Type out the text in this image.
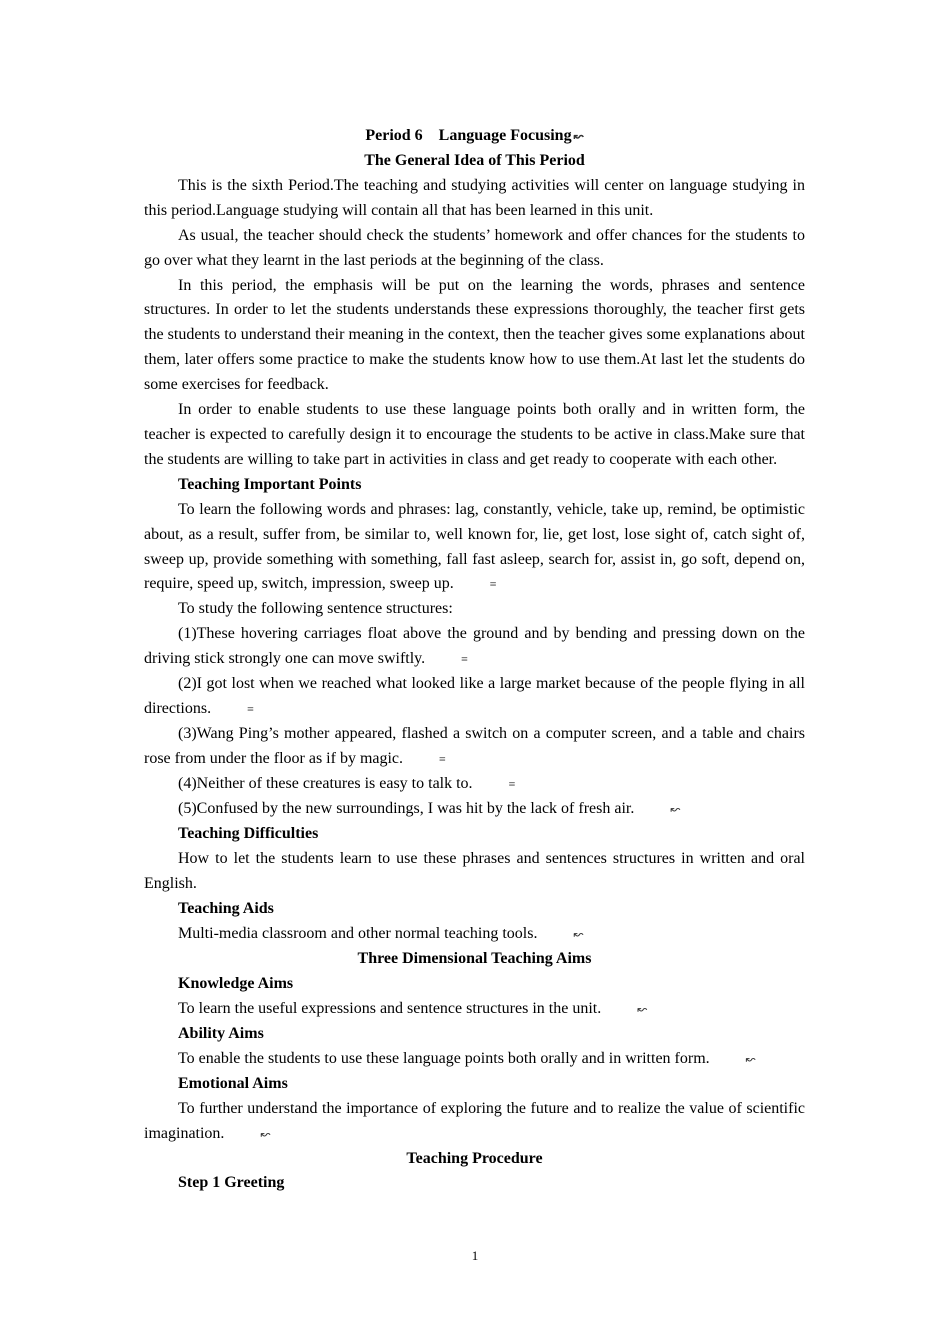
Period 6　Language Focusing ↜

The General Idea of This Period

This is the sixth Period.The teaching and studying activities will center on language studying in this period.Language studying will contain all that has been learned in this unit.

As usual, the teacher should check the students’ homework and offer chances for the students to go over what they learnt in the last periods at the beginning of the class.

In this period, the emphasis will be put on the learning the words, phrases and sentence structures. In order to let the students understands these expressions thoroughly, the teacher first gets the students to understand their meaning in the context, then the teacher gives some explanations about them, later offers some practice to make the students know how to use them.At last let the students do some exercises for feedback.

In order to enable students to use these language points both orally and in written form, the teacher is expected to carefully design it to encourage the students to be active in class.Make sure that the students are willing to take part in activities in class and get ready to cooperate with each other.

Teaching Important Points

To learn the following words and phrases: lag, constantly, vehicle, take up, remind, be optimistic about, as a result, suffer from, be similar to, well known for, lie, get lost, lose sight of, catch sight of, sweep up, provide something with something, fall fast asleep, search for, assist in, go soft, depend on, require, speed up, switch, impression, sweep up.	≡

To study the following sentence structures:

(1)These hovering carriages float above the ground and by bending and pressing down on the driving stick strongly one can move swiftly.	≡

(2)I got lost when we reached what looked like a large market because of the people flying in all directions.	≡

(3)Wang Ping’s mother appeared, flashed a switch on a computer screen, and a table and chairs rose from under the floor as if by magic.	≡

(4)Neither of these creatures is easy to talk to.	≡

(5)Confused by the new surroundings, I was hit by the lack of fresh air.	↜

Teaching Difficulties

How to let the students learn to use these phrases and sentences structures in written and oral English.

Teaching Aids

Multi-media classroom and other normal teaching tools.	↜

Three Dimensional Teaching Aims

Knowledge Aims

To learn the useful expressions and sentence structures in the unit.	↜

Ability Aims

To enable the students to use these language points both orally and in written form.	↜

Emotional Aims

To further understand the importance of exploring the future and to realize the value of scientific imagination.	↜

Teaching Procedure

Step 1 Greeting

1
